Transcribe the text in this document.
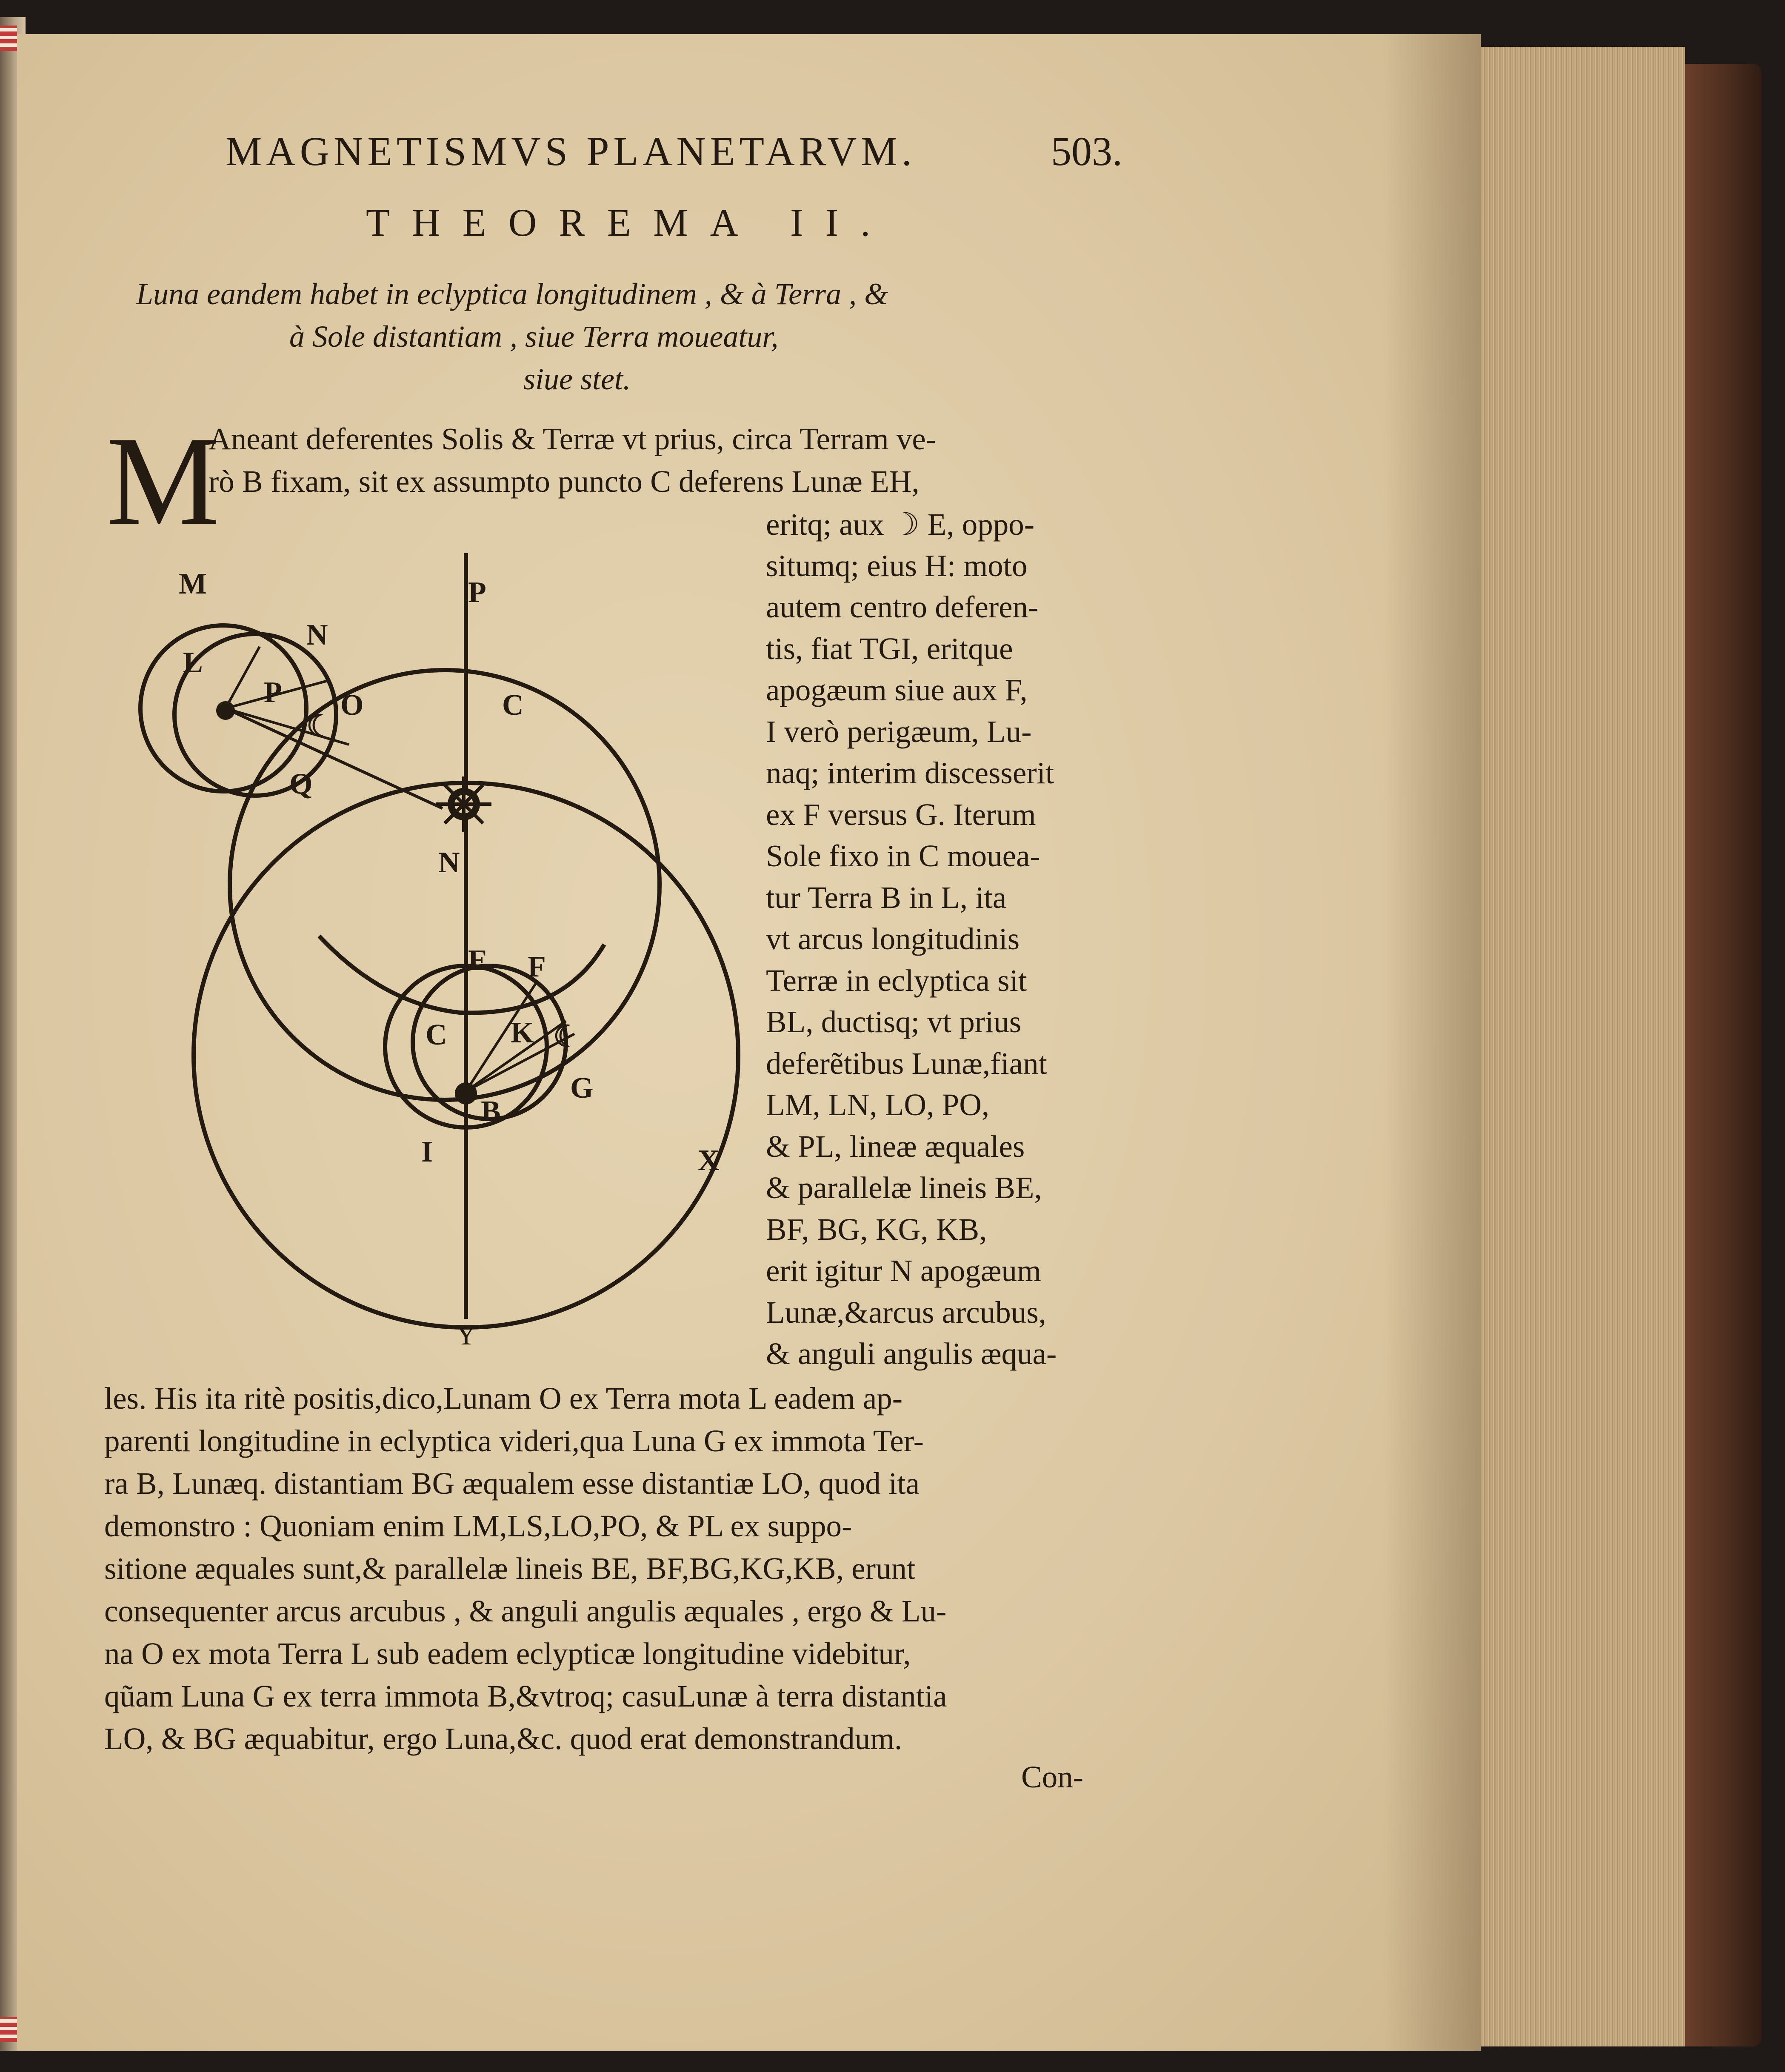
MAGNETISMVS PLANETARVM.	503.
THEOREMA II.
Luna eandem habet in eclyptica longitudinem , & à Terra , &
à Sole distantiam , siue Terra moueatur,
siue stet.
M
Aneant deferentes Solis & Terræ vt prius, circa Terram ve-
rò B fixam, sit ex assumpto puncto C deferens Lunæ EH,
eritq; aux ☽ E, oppo-
situmq; eius H: moto
autem centro deferen-
tis, fiat TGI, eritque
apogæum siue aux F,
I verò perigæum, Lu-
naq; interim discesserit
ex F versus G. Iterum
Sole fixo in C mouea-
tur Terra B in L, ita
vt arcus longitudinis
Terræ in eclyptica sit
BL, ductisq; vt prius
deferẽtibus Lunæ,fiant
LM, LN, LO, PO,
& PL, lineæ æquales
& parallelæ lineis BE,
BF, BG, KG, KB,
erit igitur N apogæum
Lunæ,&arcus arcubus,
& anguli angulis æqua-
les. His ita ritè positis,dico,Lunam O ex Terra mota L eadem ap-
parenti longitudine in eclyptica videri,qua Luna G ex immota Ter-
ra B, Lunæq. distantiam BG æqualem esse distantiæ LO, quod ita
demonstro : Quoniam enim LM,LS,LO,PO, & PL ex suppo-
sitione æquales sunt,& parallelæ lineis BE, BF,BG,KG,KB, erunt
consequenter arcus arcubus , & anguli angulis æquales , ergo & Lu-
na O ex mota Terra L sub eadem eclypticæ longitudine videbitur,
qũam Luna G ex terra immota B,&vtroq; casuLunæ à terra distantia
LO, & BG æquabitur, ergo Luna,&c. quod erat demonstrandum.
Con-
M
L
N
P O
Q
☾
P
C
N
E F
C K ☾
G
B
I	X
Y
